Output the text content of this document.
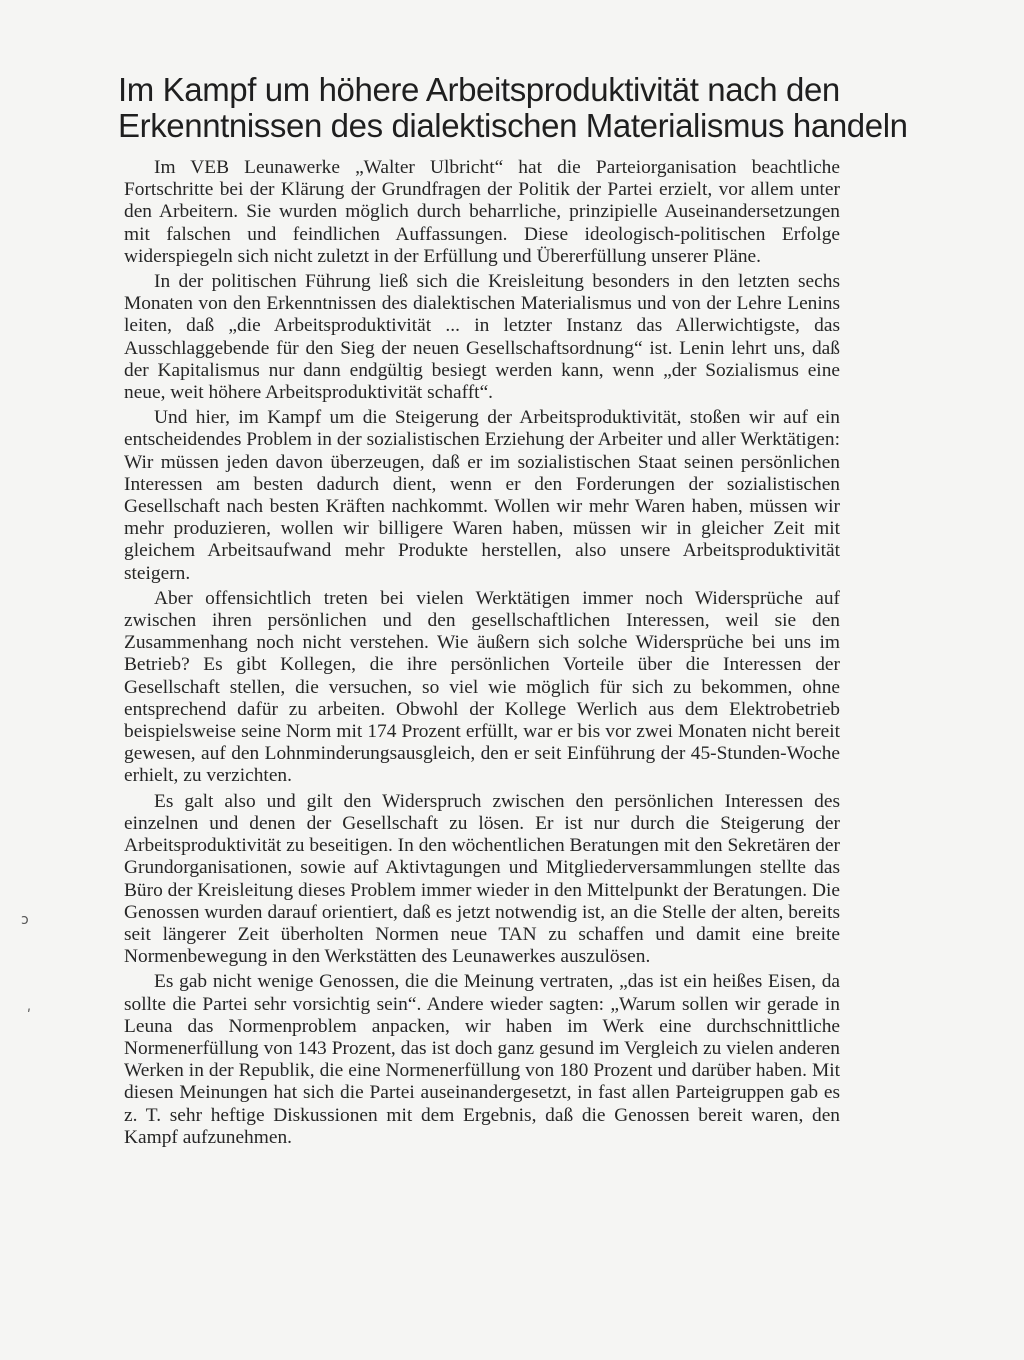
Im Kampf um höhere Arbeitsproduktivität nach den
Erkenntnissen des dialektischen Materialismus handeln

Im VEB Leunawerke „Walter Ulbricht“ hat die Parteiorganisation beachtliche Fortschritte bei der Klärung der Grundfragen der Politik der Partei erzielt, vor allem unter den Arbeitern. Sie wurden möglich durch beharrliche, prinzipielle Auseinandersetzungen mit falschen und feindlichen Auffassungen. Diese ideologisch-politischen Erfolge widerspiegeln sich nicht zuletzt in der Erfüllung und Übererfüllung unserer Pläne.

In der politischen Führung ließ sich die Kreisleitung besonders in den letzten sechs Monaten von den Erkenntnissen des dialektischen Materialismus und von der Lehre Lenins leiten, daß „die Arbeitsproduktivität ... in letzter Instanz das Allerwichtigste, das Ausschlaggebende für den Sieg der neuen Gesellschaftsordnung“ ist. Lenin lehrt uns, daß der Kapitalismus nur dann endgültig besiegt werden kann, wenn „der Sozialismus eine neue, weit höhere Arbeitsproduktivität schafft“.

Und hier, im Kampf um die Steigerung der Arbeitsproduktivität, stoßen wir auf ein entscheidendes Problem in der sozialistischen Erziehung der Arbeiter und aller Werktätigen: Wir müssen jeden davon überzeugen, daß er im sozialistischen Staat seinen persönlichen Interessen am besten dadurch dient, wenn er den Forderungen der sozialistischen Gesellschaft nach besten Kräften nachkommt. Wollen wir mehr Waren haben, müssen wir mehr produzieren, wollen wir billigere Waren haben, müssen wir in gleicher Zeit mit gleichem Arbeitsaufwand mehr Produkte herstellen, also unsere Arbeitsproduktivität steigern.

Aber offensichtlich treten bei vielen Werktätigen immer noch Widersprüche auf zwischen ihren persönlichen und den gesellschaftlichen Interessen, weil sie den Zusammenhang noch nicht verstehen. Wie äußern sich solche Widersprüche bei uns im Betrieb? Es gibt Kollegen, die ihre persönlichen Vorteile über die Interessen der Gesellschaft stellen, die versuchen, so viel wie möglich für sich zu bekommen, ohne entsprechend dafür zu arbeiten. Obwohl der Kollege Werlich aus dem Elektrobetrieb beispielsweise seine Norm mit 174 Prozent erfüllt, war er bis vor zwei Monaten nicht bereit gewesen, auf den Lohnminderungsausgleich, den er seit Einführung der 45-Stunden-Woche erhielt, zu verzichten.

Es galt also und gilt den Widerspruch zwischen den persönlichen Interessen des einzelnen und denen der Gesellschaft zu lösen. Er ist nur durch die Steigerung der Arbeitsproduktivität zu beseitigen. In den wöchentlichen Beratungen mit den Sekretären der Grundorganisationen, sowie auf Aktivtagungen und Mitgliederversammlungen stellte das Büro der Kreisleitung dieses Problem immer wieder in den Mittelpunkt der Beratungen. Die Genossen wurden darauf orientiert, daß es jetzt notwendig ist, an die Stelle der alten, bereits seit längerer Zeit überholten Normen neue TAN zu schaffen und damit eine breite Normenbewegung in den Werkstätten des Leunawerkes auszulösen.

Es gab nicht wenige Genossen, die die Meinung vertraten, „das ist ein heißes Eisen, da sollte die Partei sehr vorsichtig sein“. Andere wieder sagten: „Warum sollen wir gerade in Leuna das Normenproblem anpacken, wir haben im Werk eine durchschnittliche Normenerfüllung von 143 Prozent, das ist doch ganz gesund im Vergleich zu vielen anderen Werken in der Republik, die eine Normenerfüllung von 180 Prozent und darüber haben. Mit diesen Meinungen hat sich die Partei auseinandergesetzt, in fast allen Parteigruppen gab es z. T. sehr heftige Diskussionen mit dem Ergebnis, daß die Genossen bereit waren, den Kampf aufzunehmen.

ↄ
ʹ
